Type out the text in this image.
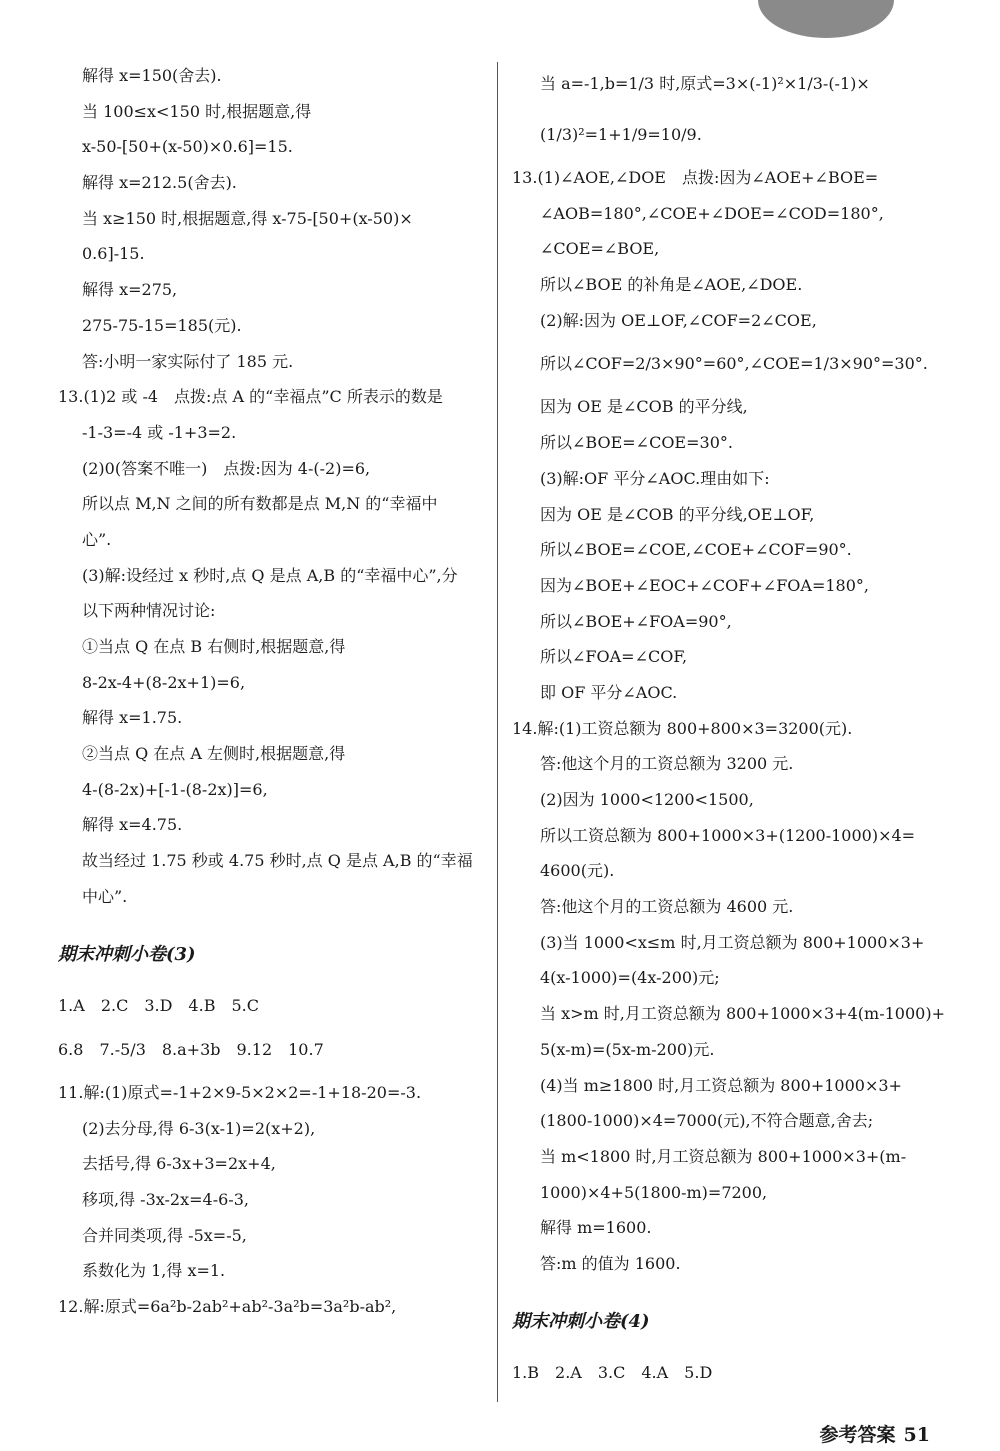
解得 x=150(舍去).
当 100≤x<150 时,根据题意,得
x-50-[50+(x-50)×0.6]=15.
解得 x=212.5(舍去).
当 x≥150 时,根据题意,得 x-75-[50+(x-50)×
0.6]-15.
解得 x=275,
275-75-15=185(元).
答:小明一家实际付了 185 元.
13.(1)2 或 -4　点拨:点 A 的“幸福点”C 所表示的数是
-1-3=-4 或 -1+3=2.
(2)0(答案不唯一)　点拨:因为 4-(-2)=6,
所以点 M,N 之间的所有数都是点 M,N 的“幸福中
心”.
(3)解:设经过 x 秒时,点 Q 是点 A,B 的“幸福中心”,分
以下两种情况讨论:
①当点 Q 在点 B 右侧时,根据题意,得
8-2x-4+(8-2x+1)=6,
解得 x=1.75.
②当点 Q 在点 A 左侧时,根据题意,得
4-(8-2x)+[-1-(8-2x)]=6,
解得 x=4.75.
故当经过 1.75 秒或 4.75 秒时,点 Q 是点 A,B 的“幸福
中心”.
期末冲刺小卷(3)
1.A　2.C　3.D　4.B　5.C
6.8　7.-5/3　8.a+3b　9.12　10.7
11.解:(1)原式=-1+2×9-5×2×2=-1+18-20=-3.
(2)去分母,得 6-3(x-1)=2(x+2),
去括号,得 6-3x+3=2x+4,
移项,得 -3x-2x=4-6-3,
合并同类项,得 -5x=-5,
系数化为 1,得 x=1.
12.解:原式=6a²b-2ab²+ab²-3a²b=3a²b-ab²,
当 a=-1,b=1/3 时,原式=3×(-1)²×1/3-(-1)×
(1/3)²=1+1/9=10/9.
13.(1)∠AOE,∠DOE　点拨:因为∠AOE+∠BOE=
∠AOB=180°,∠COE+∠DOE=∠COD=180°,
∠COE=∠BOE,
所以∠BOE 的补角是∠AOE,∠DOE.
(2)解:因为 OE⊥OF,∠COF=2∠COE,
所以∠COF=2/3×90°=60°,∠COE=1/3×90°=30°.
因为 OE 是∠COB 的平分线,
所以∠BOE=∠COE=30°.
(3)解:OF 平分∠AOC.理由如下:
因为 OE 是∠COB 的平分线,OE⊥OF,
所以∠BOE=∠COE,∠COE+∠COF=90°.
因为∠BOE+∠EOC+∠COF+∠FOA=180°,
所以∠BOE+∠FOA=90°,
所以∠FOA=∠COF,
即 OF 平分∠AOC.
14.解:(1)工资总额为 800+800×3=3200(元).
答:他这个月的工资总额为 3200 元.
(2)因为 1000<1200<1500,
所以工资总额为 800+1000×3+(1200-1000)×4=
4600(元).
答:他这个月的工资总额为 4600 元.
(3)当 1000<x≤m 时,月工资总额为 800+1000×3+
4(x-1000)=(4x-200)元;
当 x>m 时,月工资总额为 800+1000×3+4(m-1000)+
5(x-m)=(5x-m-200)元.
(4)当 m≥1800 时,月工资总额为 800+1000×3+
(1800-1000)×4=7000(元),不符合题意,舍去;
当 m<1800 时,月工资总额为 800+1000×3+(m-
1000)×4+5(1800-m)=7200,
解得 m=1600.
答:m 的值为 1600.
期末冲刺小卷(4)
1.B　2.A　3.C　4.A　5.D
参考答案 51
